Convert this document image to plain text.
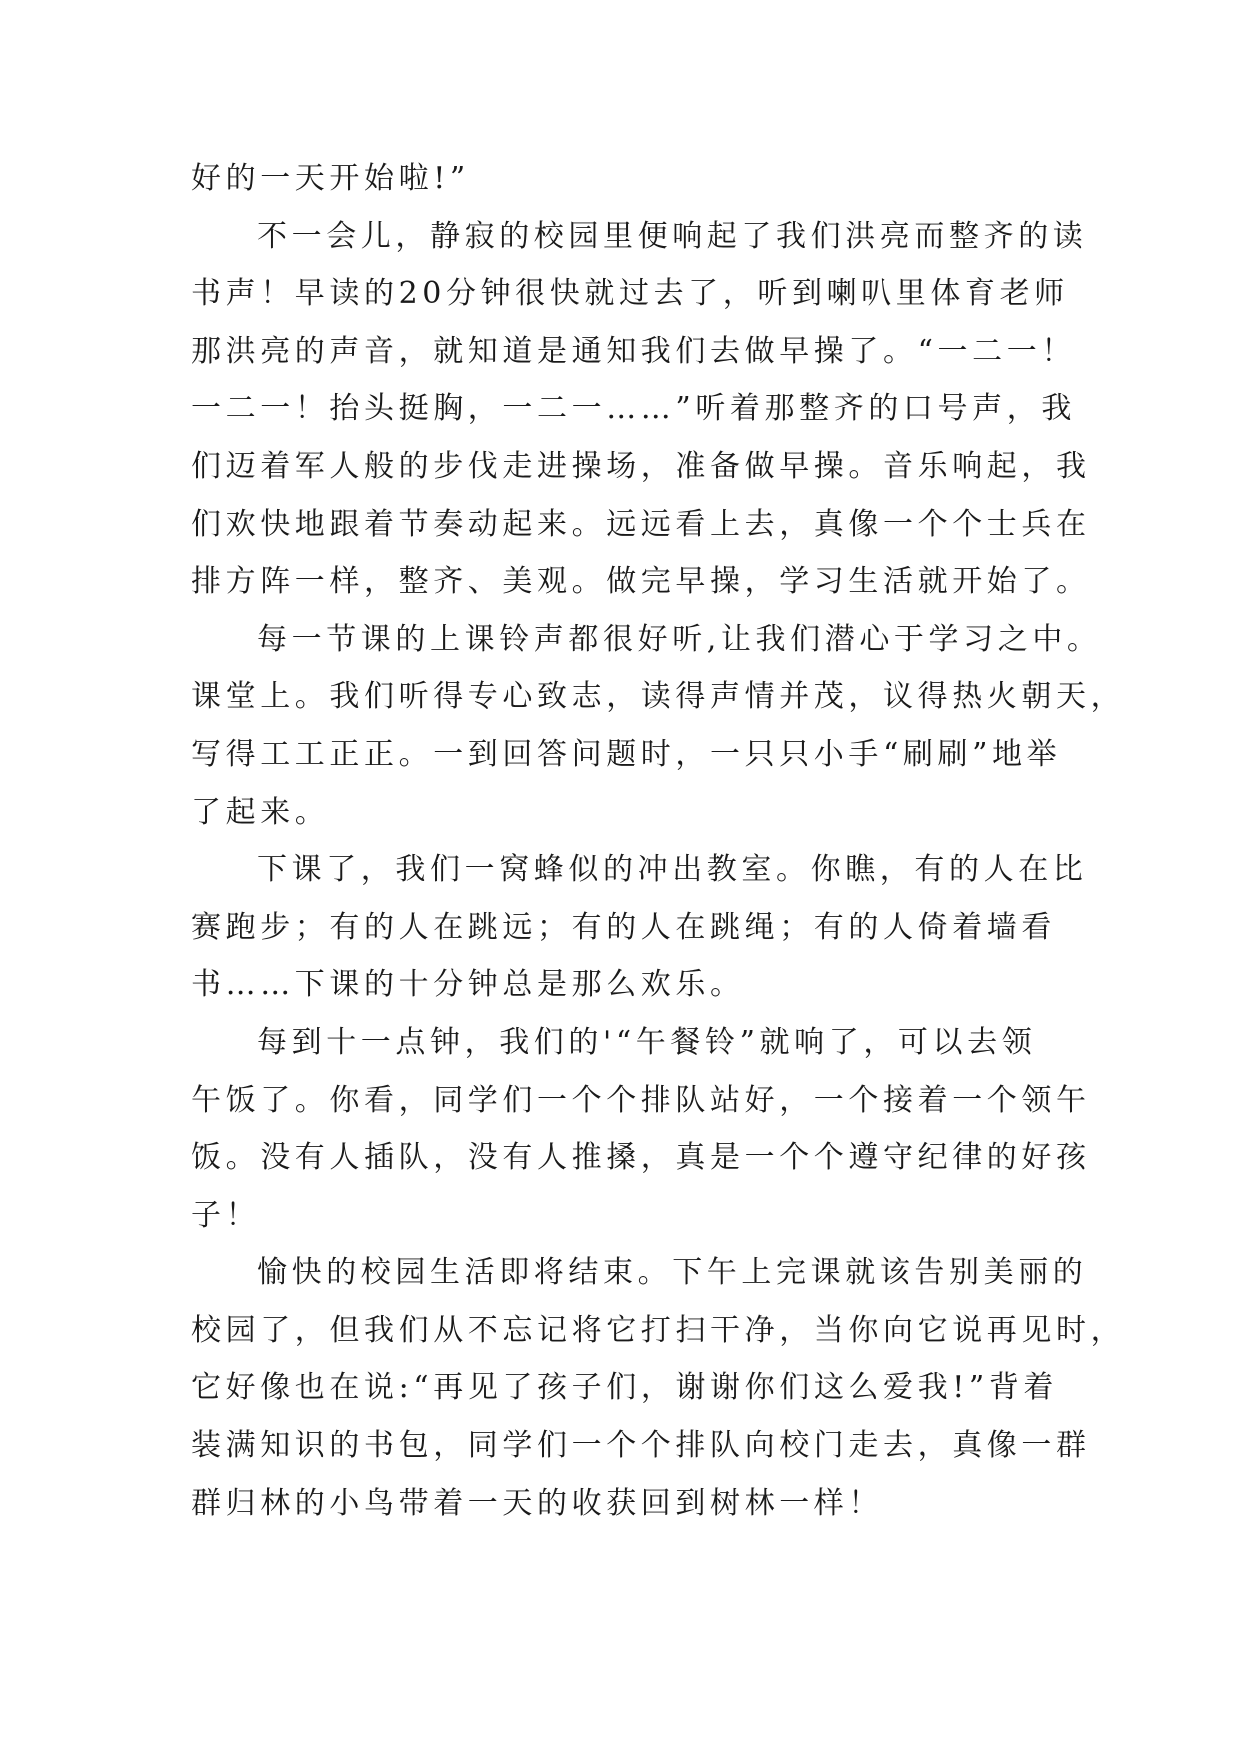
好的一天开始啦!”
不一会儿，静寂的校园里便响起了我们洪亮而整齐的读
书声！早读的20分钟很快就过去了，听到喇叭里体育老师
那洪亮的声音，就知道是通知我们去做早操了。“一二一！
一二一！抬头挺胸，一二一……”听着那整齐的口号声，我
们迈着军人般的步伐走进操场，准备做早操。音乐响起，我
们欢快地跟着节奏动起来。远远看上去，真像一个个士兵在
排方阵一样，整齐、美观。做完早操，学习生活就开始了。
每一节课的上课铃声都很好听,让我们潜心于学习之中。
课堂上。我们听得专心致志，读得声情并茂，议得热火朝天，
写得工工正正。一到回答问题时，一只只小手“刷刷”地举
了起来。
下课了，我们一窝蜂似的冲出教室。你瞧，有的人在比
赛跑步；有的人在跳远；有的人在跳绳；有的人倚着墙看
书……下课的十分钟总是那么欢乐。
每到十一点钟，我们的'“午餐铃”就响了，可以去领
午饭了。你看，同学们一个个排队站好，一个接着一个领午
饭。没有人插队，没有人推搡，真是一个个遵守纪律的好孩
子！
愉快的校园生活即将结束。下午上完课就该告别美丽的
校园了，但我们从不忘记将它打扫干净，当你向它说再见时，
它好像也在说:“再见了孩子们，谢谢你们这么爱我!”背着
装满知识的书包，同学们一个个排队向校门走去，真像一群
群归林的小鸟带着一天的收获回到树林一样！
